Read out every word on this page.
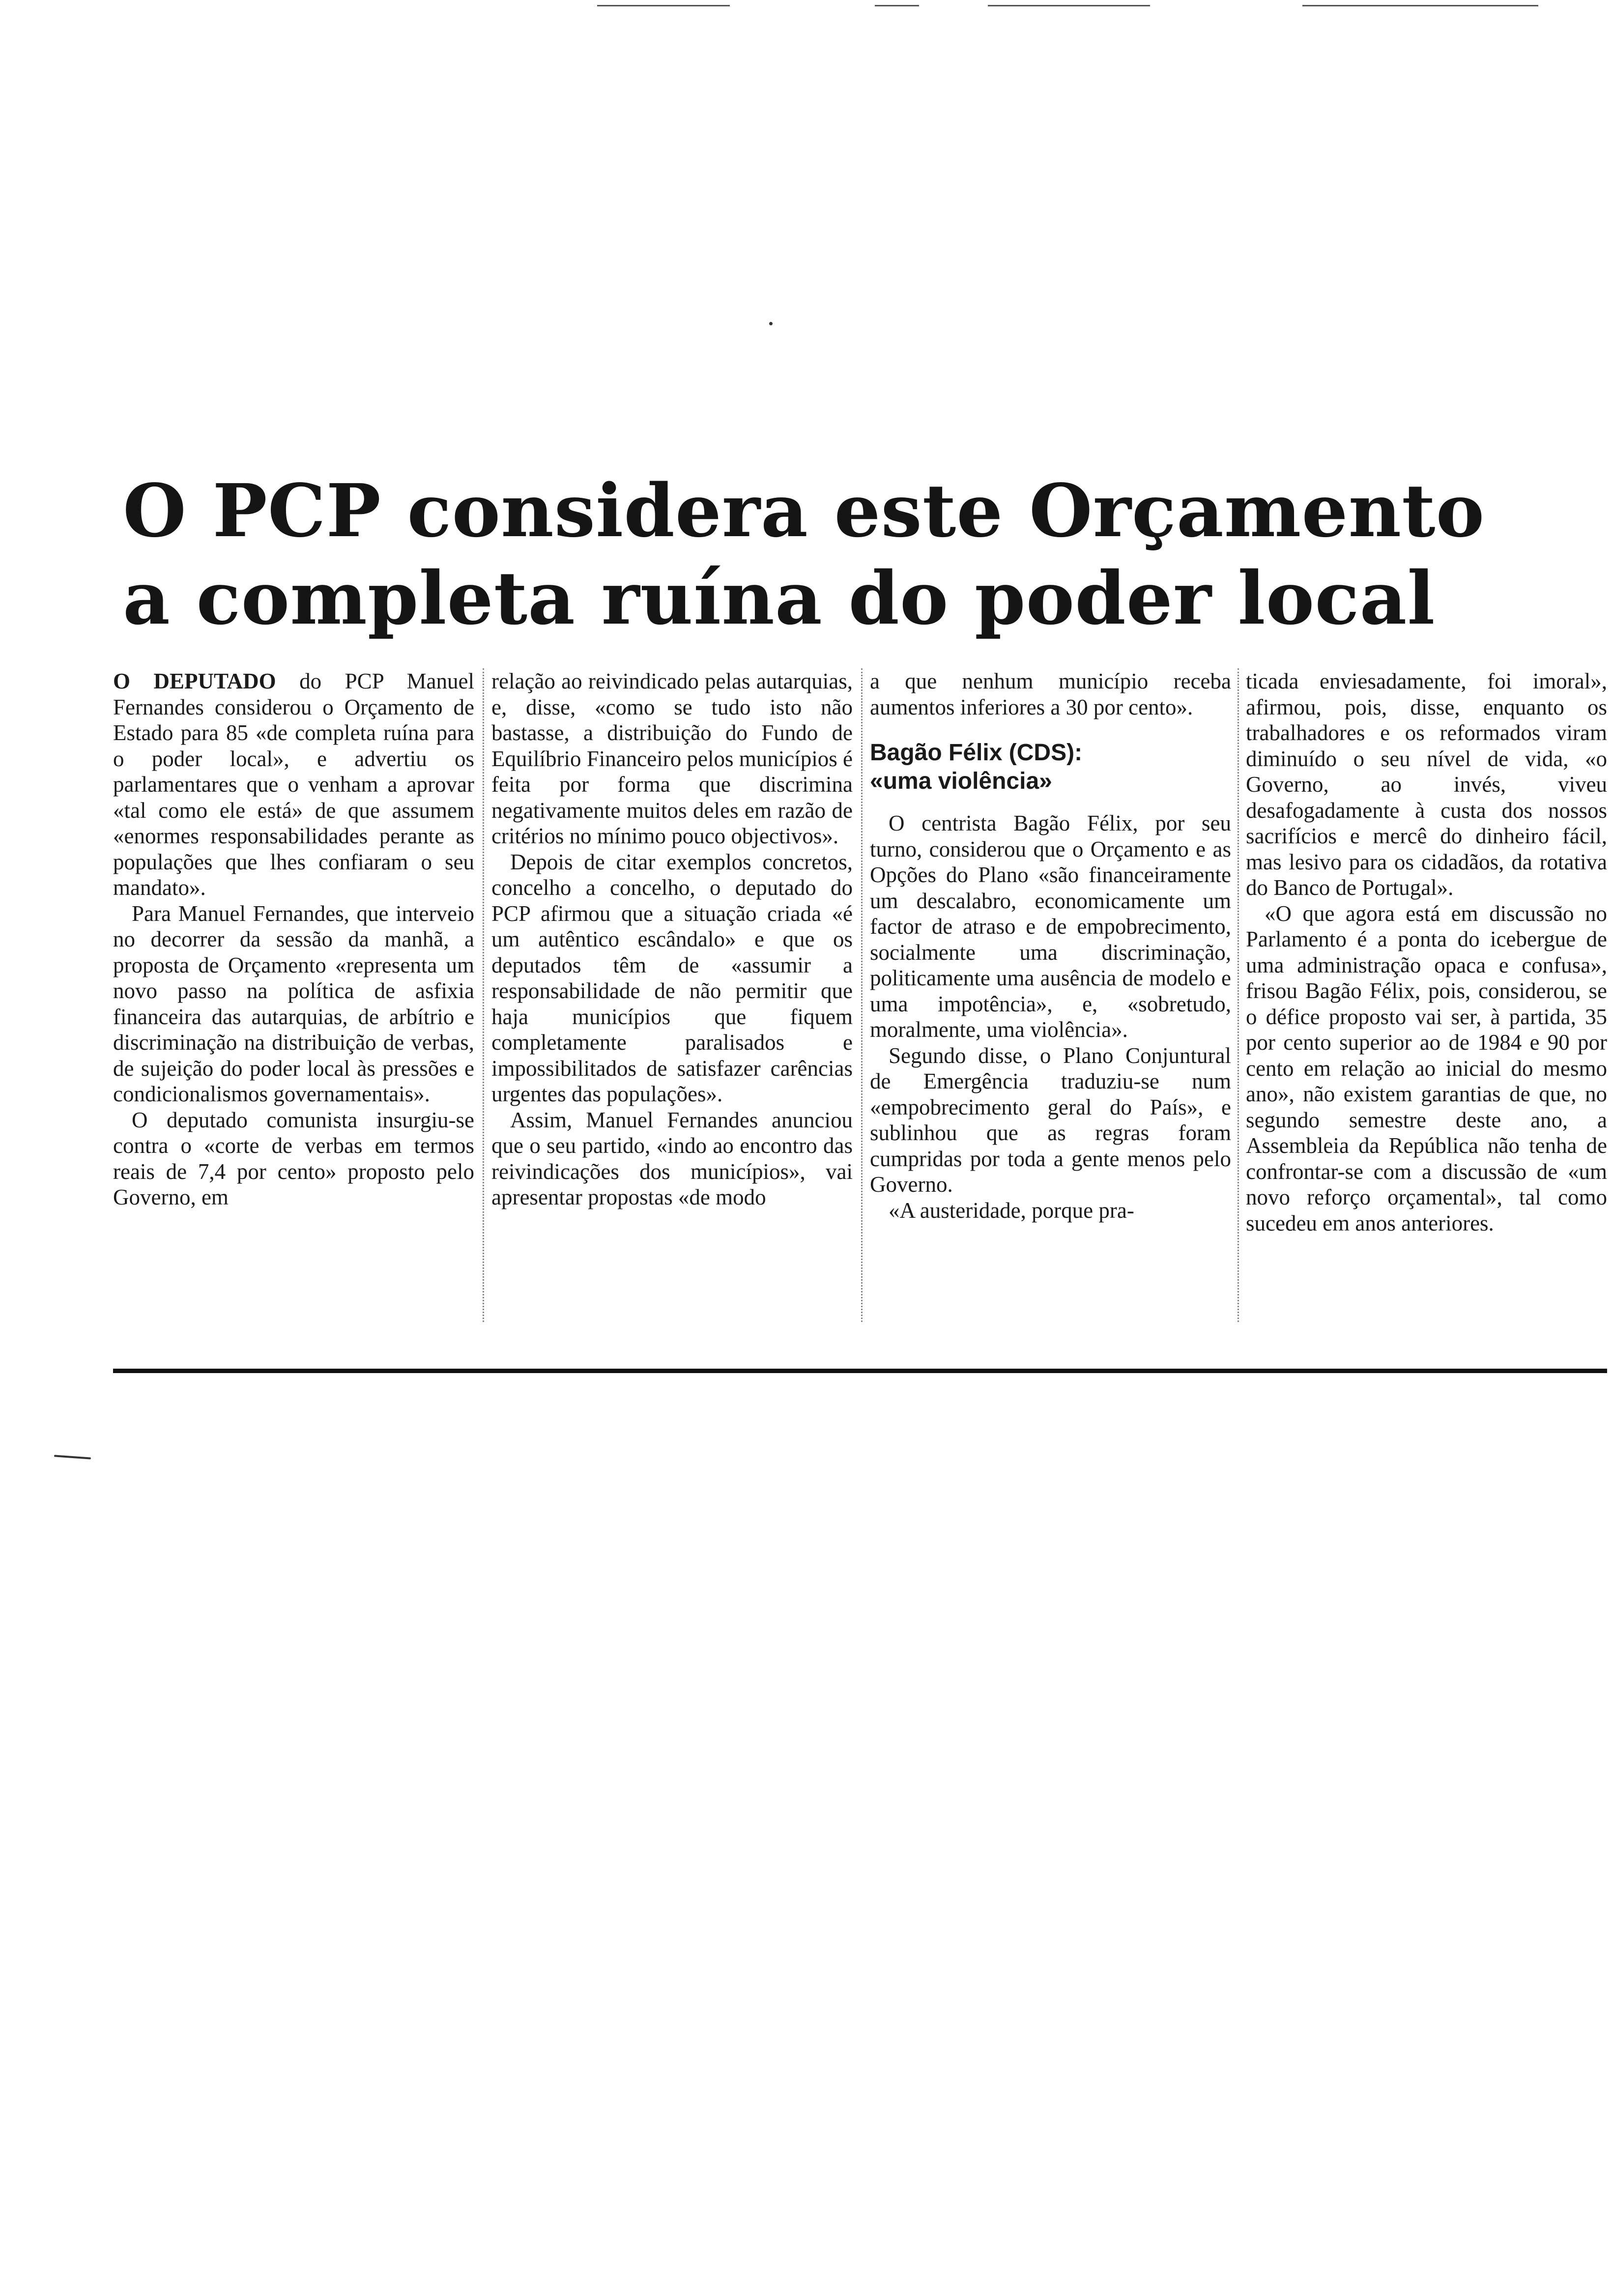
O PCP considera este Orçamento
a completa ruína do poder local

O DEPUTADO do PCP Manuel Fernandes considerou o Orçamento de Estado para 85 «de completa ruína para o poder local», e advertiu os parlamentares que o venham a aprovar «tal como ele está» de que assumem «enormes responsabilidades perante as populações que lhes confiaram o seu mandato».

Para Manuel Fernandes, que interveio no decorrer da sessão da manhã, a proposta de Orçamento «representa um novo passo na política de asfixia financeira das autarquias, de arbítrio e discriminação na distribuição de verbas, de sujeição do poder local às pressões e condicionalismos governamentais».

O deputado comunista insurgiu-se contra o «corte de verbas em termos reais de 7,4 por cento» proposto pelo Governo, em

relação ao reivindicado pelas autarquias, e, disse, «como se tudo isto não bastasse, a distribuição do Fundo de Equilíbrio Financeiro pelos municípios é feita por forma que discrimina negativamente muitos deles em razão de critérios no mínimo pouco objectivos».

Depois de citar exemplos concretos, concelho a concelho, o deputado do PCP afirmou que a situação criada «é um autêntico escândalo» e que os deputados têm de «assumir a responsabilidade de não permitir que haja municípios que fiquem completamente paralisados e impossibilitados de satisfazer carências urgentes das populações».

Assim, Manuel Fernandes anunciou que o seu partido, «indo ao encontro das reivindicações dos municípios», vai apresentar propostas «de modo

a que nenhum município receba aumentos inferiores a 30 por cento».

Bagão Félix (CDS):
«uma violência»

O centrista Bagão Félix, por seu turno, considerou que o Orçamento e as Opções do Plano «são financeiramente um descalabro, economicamente um factor de atraso e de empobrecimento, socialmente uma discriminação, politicamente uma ausência de modelo e uma impotência», e, «sobretudo, moralmente, uma violência».

Segundo disse, o Plano Conjuntural de Emergência traduziu-se num «empobrecimento geral do País», e sublinhou que as regras foram cumpridas por toda a gente menos pelo Governo.

«A austeridade, porque pra-

ticada enviesadamente, foi imoral», afirmou, pois, disse, enquanto os trabalhadores e os reformados viram diminuído o seu nível de vida, «o Governo, ao invés, viveu desafogadamente à custa dos nossos sacrifícios e mercê do dinheiro fácil, mas lesivo para os cidadãos, da rotativa do Banco de Portugal».

«O que agora está em discussão no Parlamento é a ponta do icebergue de uma administração opaca e confusa», frisou Bagão Félix, pois, considerou, se o défice proposto vai ser, à partida, 35 por cento superior ao de 1984 e 90 por cento em relação ao inicial do mesmo ano», não existem garantias de que, no segundo semestre deste ano, a Assembleia da República não tenha de confrontar-se com a discussão de «um novo reforço orçamental», tal como sucedeu em anos anteriores.
